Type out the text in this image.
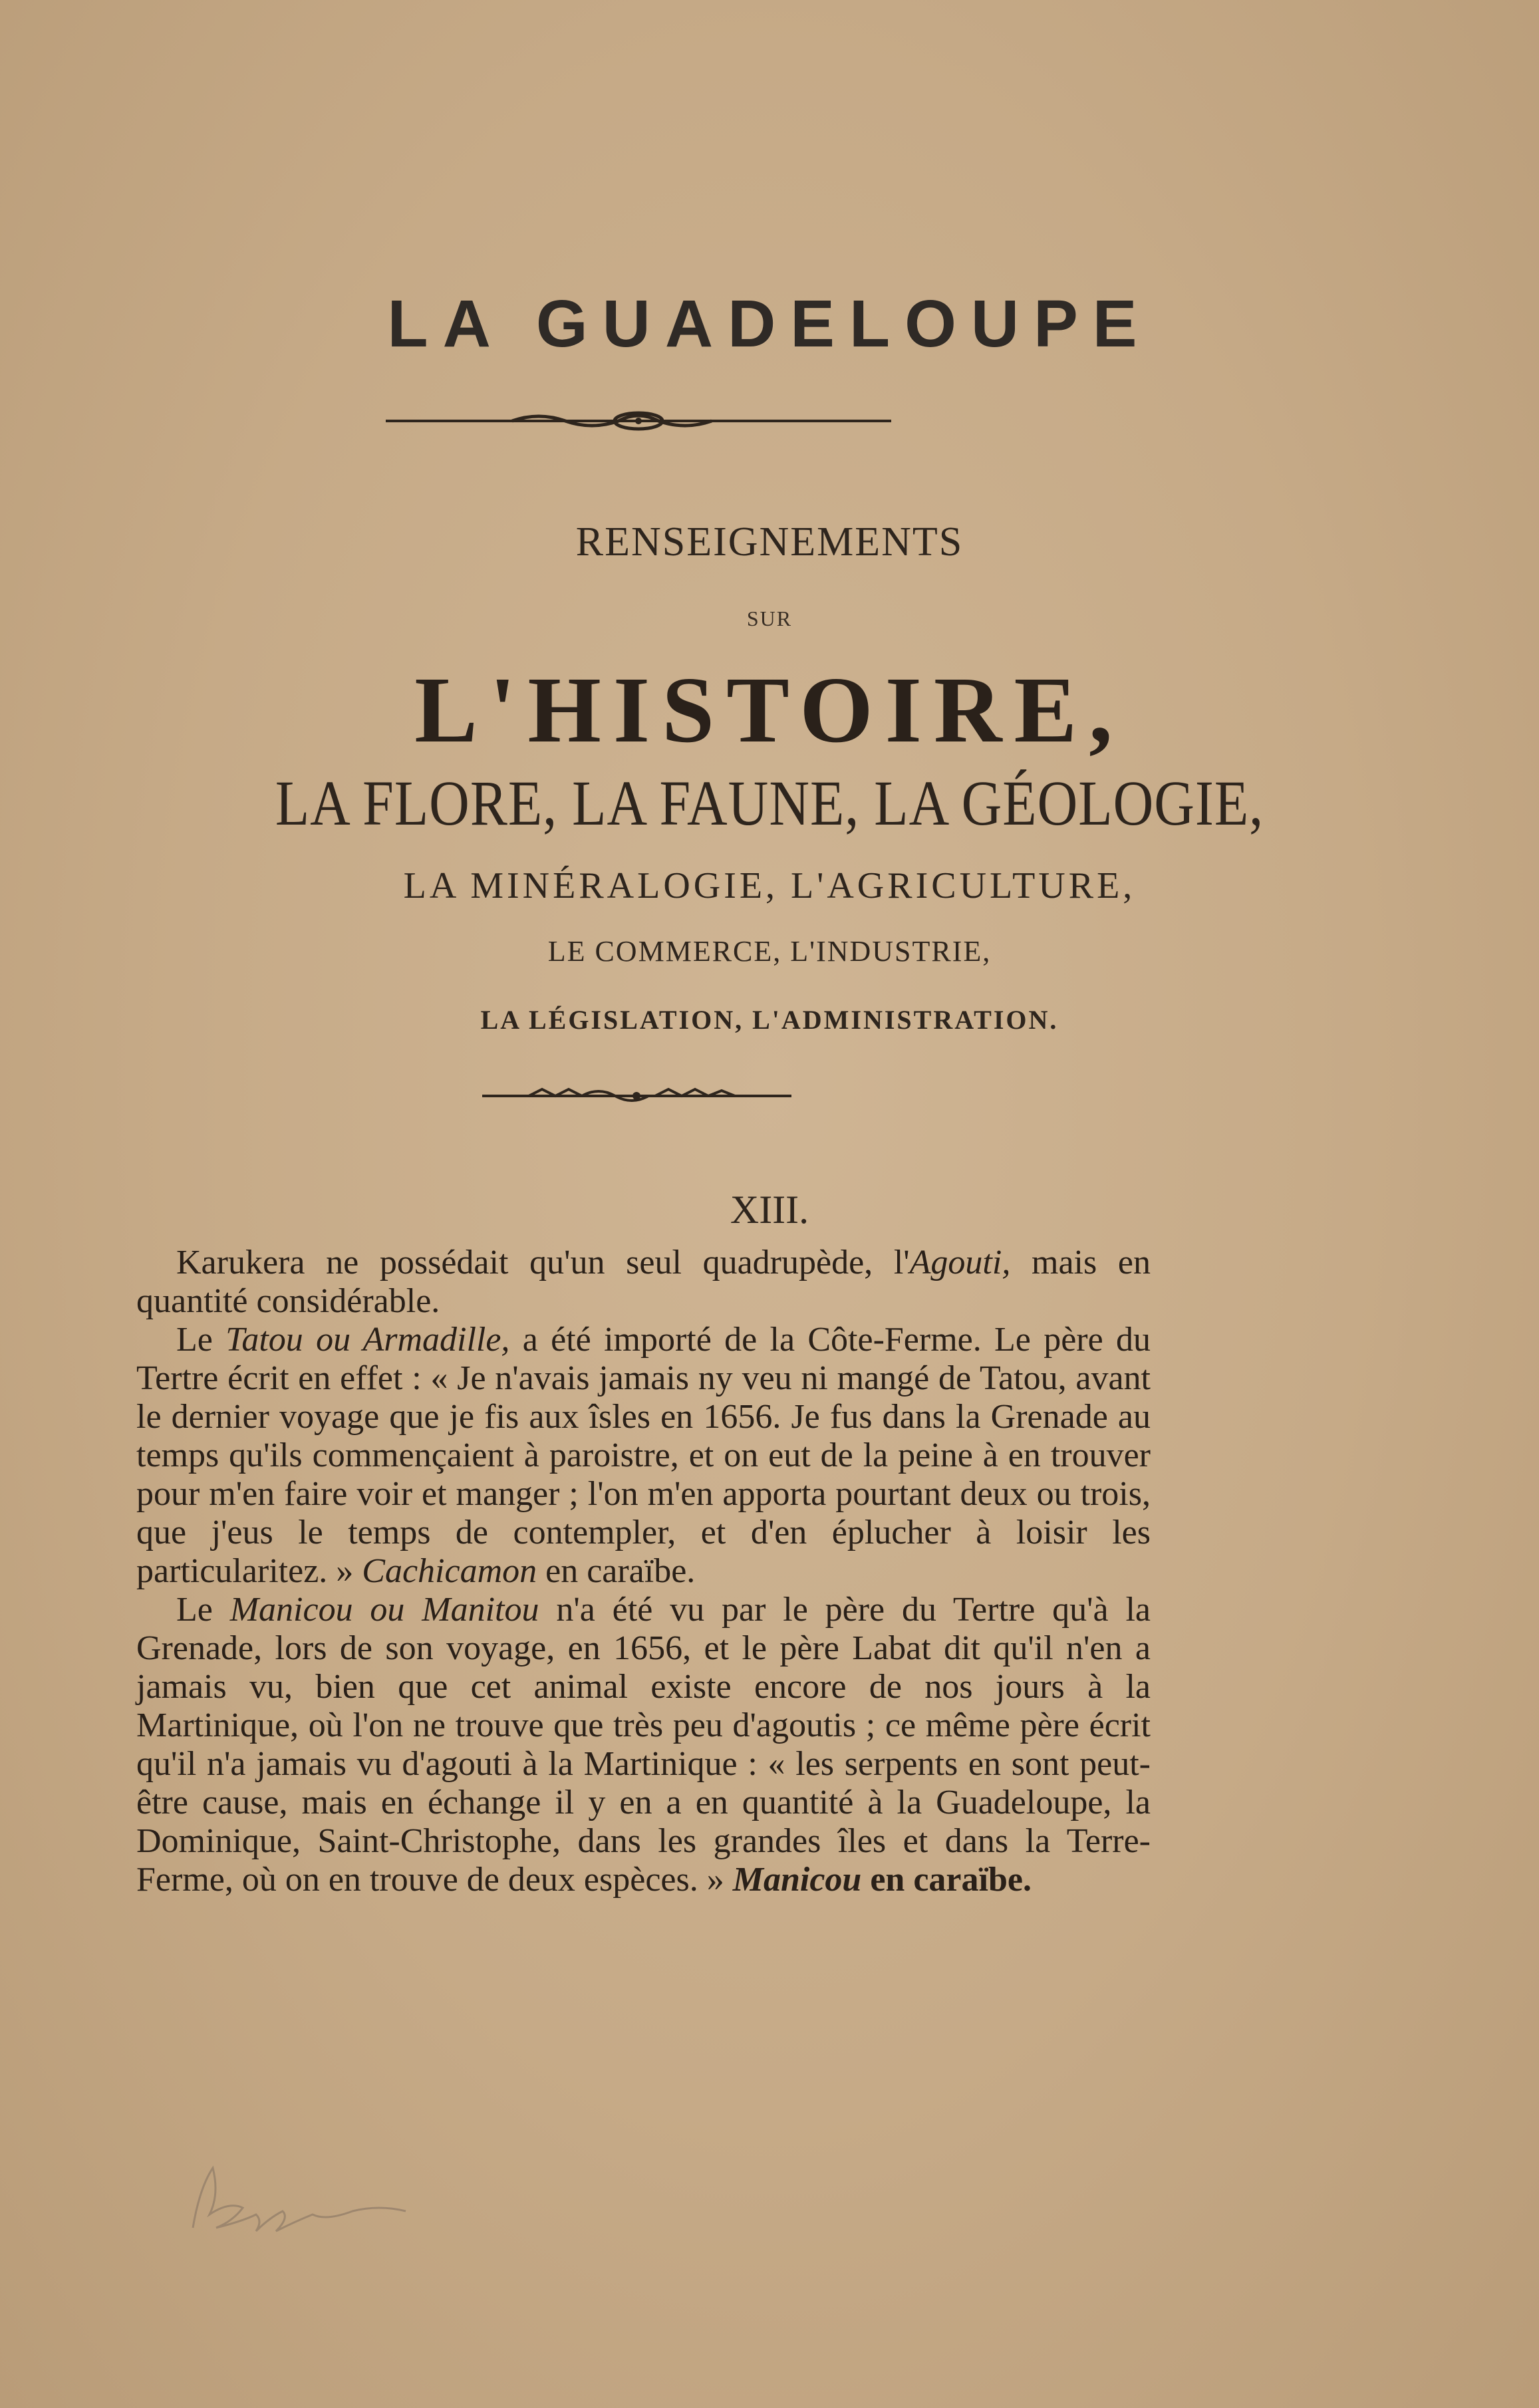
LA GUADELOUPE
RENSEIGNEMENTS
SUR
L'HISTOIRE,
LA FLORE, LA FAUNE, LA GÉOLOGIE,
LA MINÉRALOGIE, L'AGRICULTURE,
LE COMMERCE, L'INDUSTRIE,
LA LÉGISLATION, L'ADMINISTRATION.
XIII.

Karukera ne possédait qu'un seul quadrupède, l'Agouti, mais en quantité considérable.

Le Tatou ou Armadille, a été importé de la Côte-Ferme. Le père du Tertre écrit en effet : « Je n'avais jamais ny veu ni mangé de Tatou, avant le dernier voyage que je fis aux îsles en 1656. Je fus dans la Grenade au temps qu'ils commençaient à paroistre, et on eut de la peine à en trouver pour m'en faire voir et manger ; l'on m'en apporta pourtant deux ou trois, que j'eus le temps de contempler, et d'en éplucher à loisir les particularitez. » Cachicamon en caraïbe.

Le Manicou ou Manitou n'a été vu par le père du Tertre qu'à la Grenade, lors de son voyage, en 1656, et le père Labat dit qu'il n'en a jamais vu, bien que cet animal existe encore de nos jours à la Martinique, où l'on ne trouve que très peu d'agoutis ; ce même père écrit qu'il n'a jamais vu d'agouti à la Martinique : « les serpents en sont peut-être cause, mais en échange il y en a en quantité à la Guadeloupe, la Dominique, Saint-Christophe, dans les grandes îles et dans la Terre-Ferme, où on en trouve de deux espèces. » Manicou en caraïbe.
